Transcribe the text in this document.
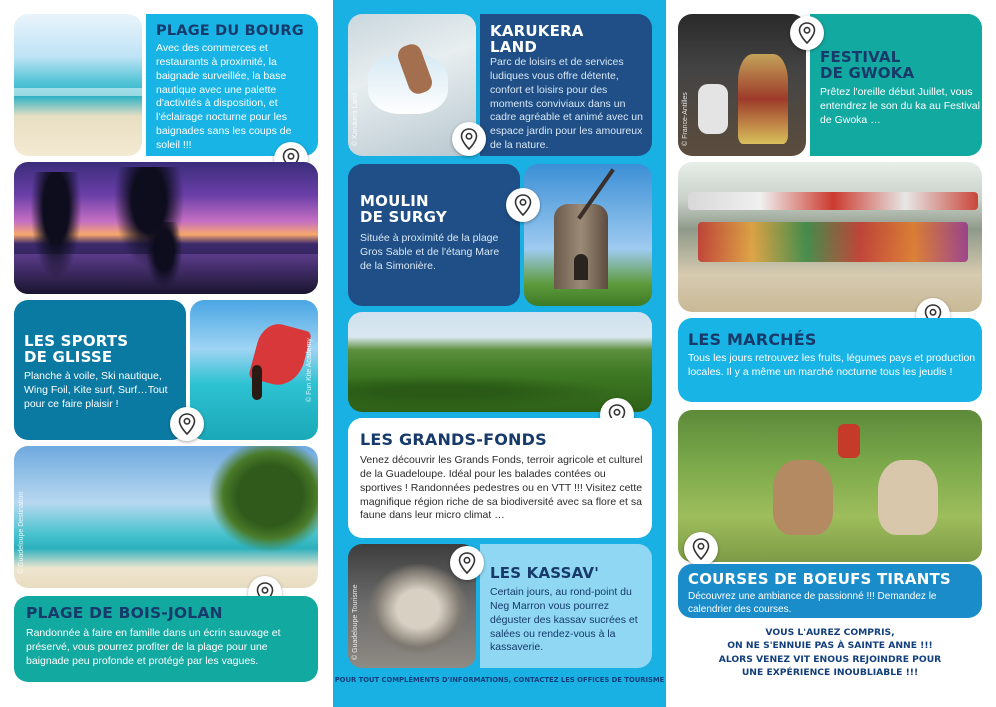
PLAGE DU BOURG
Avec des commerces et restaurants à proximité, la baignade surveillée, la base nautique avec une palette d'activités à disposition, et l'éclairage nocturne pour les baignades sans les coups de soleil !!!
LES SPORTS
DE GLISSE
Planche à voile, Ski nautique, Wing Foil, Kite surf, Surf…Tout pour ce faire plaisir !
© Fun Kite Academy
© Guadeloupe Destination
PLAGE DE BOIS-JOLAN
Randonnée à faire en famille dans un écrin sauvage et préservé, vous pourrez profiter de la plage pour une baignade peu profonde et protégé par les vagues.
© Karukera Land
KARUKERA
LAND
Parc de loisirs et de services ludiques vous offre détente, confort et loisirs pour des moments conviviaux dans un cadre agréable et animé avec un espace jardin pour les amoureux de la nature.
MOULIN
DE SURGY
Située à proximité de la plage Gros Sable et de l'étang Mare de la Simonière.
LES GRANDS-FONDS
Venez découvrir les Grands Fonds, terroir agricole et culturel de la Guadeloupe. Idéal pour les balades contées ou sportives ! Randonnées pedestres ou en VTT !!! Visitez cette magnifique région riche de sa biodiversité avec sa flore et sa faune dans leur micro climat …
© Guadeloupe Tourisme
LES KASSAV'
Certain jours, au rond-point du Neg Marron vous pourrez déguster des kassav sucrées et salées ou rendez-vous à la kassaverie.
POUR TOUT COMPLÉMENTS D'INFORMATIONS, CONTACTEZ LES OFFICES DE TOURISME
© France-Antilles
FESTIVAL
DE GWOKA
Prêtez l'oreille début Juillet, vous entendrez le son du ka au Festival de Gwoka …
LES MARCHÉS
Tous les jours retrouvez les fruits, légumes pays et production locales. Il y a même un marché nocturne tous les jeudis !
COURSES DE BOEUFS TIRANTS
Découvrez une ambiance de passionné !!! Demandez le calendrier des courses.
VOUS L'AUREZ COMPRIS,
ON NE S'ENNUIE PAS À SAINTE ANNE !!!
ALORS VENEZ VIT ENOUS REJOINDRE POUR
UNE EXPÉRIENCE INOUBLIABLE !!!
